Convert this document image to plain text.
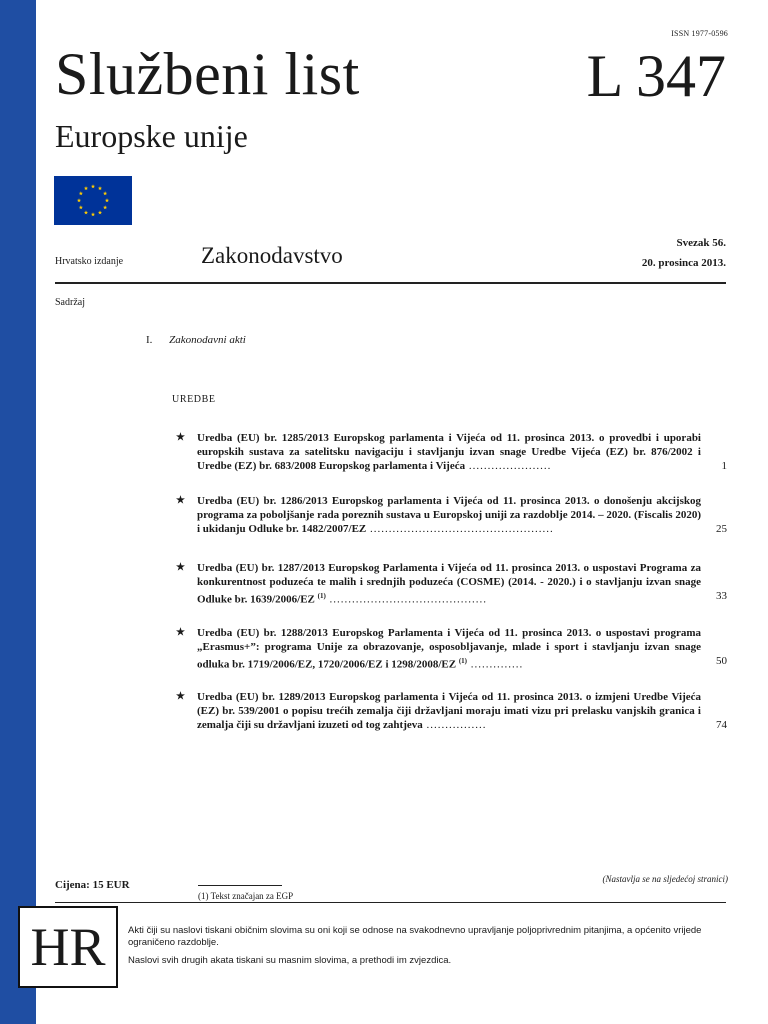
ISSN 1977-0596
Službeni list	L 347
Europske unije
Hrvatsko izdanje	Zakonodavstvo	Svezak 56.
20. prosinca 2013.
Sadržaj
I. Zakonodavni akti
UREDBE
★ Uredba (EU) br. 1285/2013 Europskog parlamenta i Vijeća od 11. prosinca 2013. o provedbi i uporabi europskih sustava za satelitsku navigaciju i stavljanju izvan snage Uredbe Vijeća (EZ) br. 876/2002 i Uredbe (EZ) br. 683/2008 Europskog parlamenta i Vijeća ......................	1
★ Uredba (EU) br. 1286/2013 Europskog parlamenta i Vijeća od 11. prosinca 2013. o donošenju akcijskog programa za poboljšanje rada poreznih sustava u Europskoj uniji za razdoblje 2014. – 2020. (Fiscalis 2020) i ukidanju Odluke br. 1482/2007/EZ .................................................	25
★ Uredba (EU) br. 1287/2013 Europskog Parlamenta i Vijeća od 11. prosinca 2013. o uspostavi Programa za konkurentnost poduzeća te malih i srednjih poduzeća (COSME) (2014. - 2020.) i o stavljanju izvan snage Odluke br. 1639/2006/EZ $^{(1)}$ ..........................................	33
★ Uredba (EU) br. 1288/2013 Europskog Parlamenta i Vijeća od 11. prosinca 2013. o uspostavi programa „Erasmus+”: programa Unije za obrazovanje, osposobljavanje, mlade i sport i stavljanju izvan snage odluka br. 1719/2006/EZ, 1720/2006/EZ i 1298/2008/EZ $^{(1)}$ ..............	50
★ Uredba (EU) br. 1289/2013 Europskog parlamenta i Vijeća od 11. prosinca 2013. o izmjeni Uredbe Vijeća (EZ) br. 539/2001 o popisu trećih zemalja čiji državljani moraju imati vizu pri prelasku vanjskih granica i zemalja čiji su državljani izuzeti od tog zahtjeva ................	74
Cijena: 15 EUR	(Nastavlja se na sljedećoj stranici)
(1) Tekst značajan za EGP
HR	Akti čiji su naslovi tiskani običnim slovima su oni koji se odnose na svakodnevno upravljanje poljoprivrednim pitanjima, a općenito vrijede ograničeno razdoblje.

Naslovi svih drugih akata tiskani su masnim slovima, a prethodi im zvjezdica.
